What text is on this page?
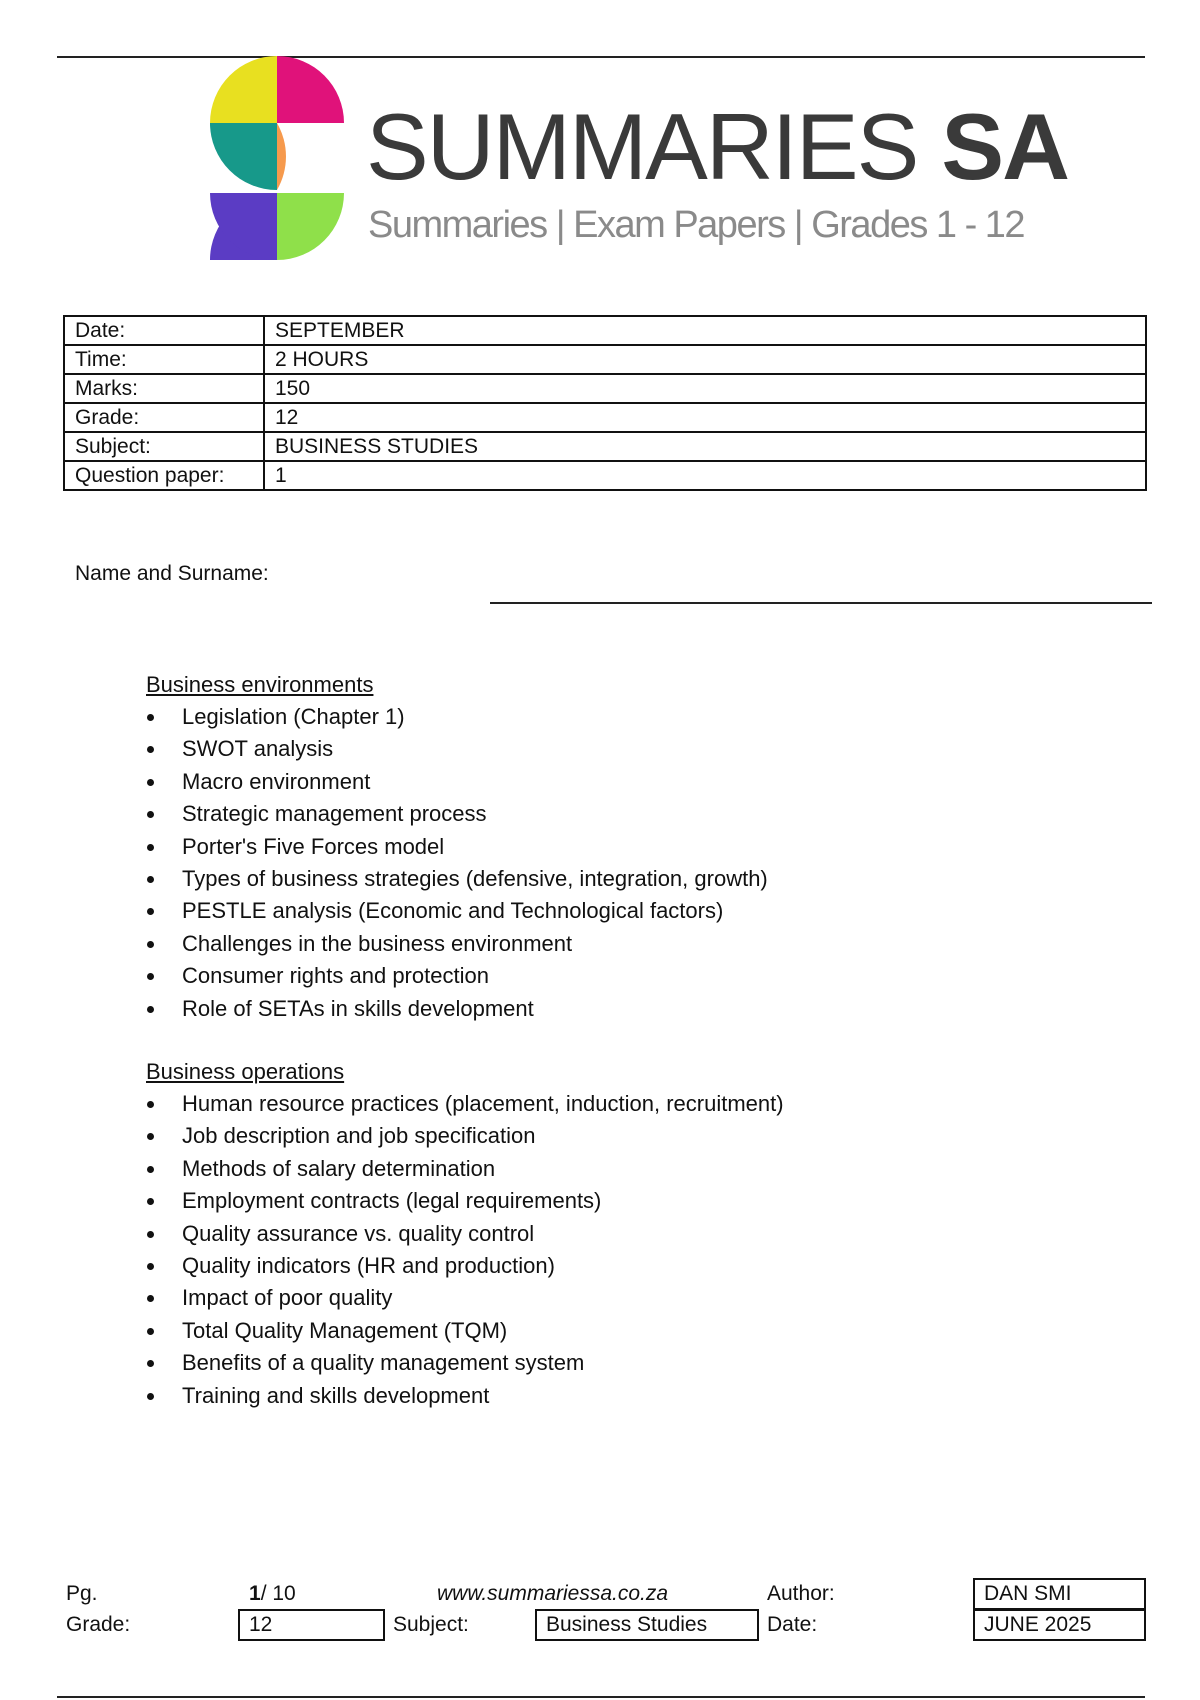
SUMMARIES SA
Summaries | Exam Papers | Grades 1 - 12
Date:	SEPTEMBER
Time:	2 HOURS
Marks:	150
Grade:	12
Subject:	BUSINESS STUDIES
Question paper:	1
Name and Surname:
Business environments
Legislation (Chapter 1)
SWOT analysis
Macro environment
Strategic management process
Porter's Five Forces model
Types of business strategies (defensive, integration, growth)
PESTLE analysis (Economic and Technological factors)
Challenges in the business environment
Consumer rights and protection
Role of SETAs in skills development
Business operations
Human resource practices (placement, induction, recruitment)
Job description and job specification
Methods of salary determination
Employment contracts (legal requirements)
Quality assurance vs. quality control
Quality indicators (HR and production)
Impact of poor quality
Total Quality Management (TQM)
Benefits of a quality management system
Training and skills development
Pg.	1/ 10	www.summariessa.co.za	Author:	DAN SMI
Grade:	12	Subject:	Business Studies	Date:	JUNE 2025
